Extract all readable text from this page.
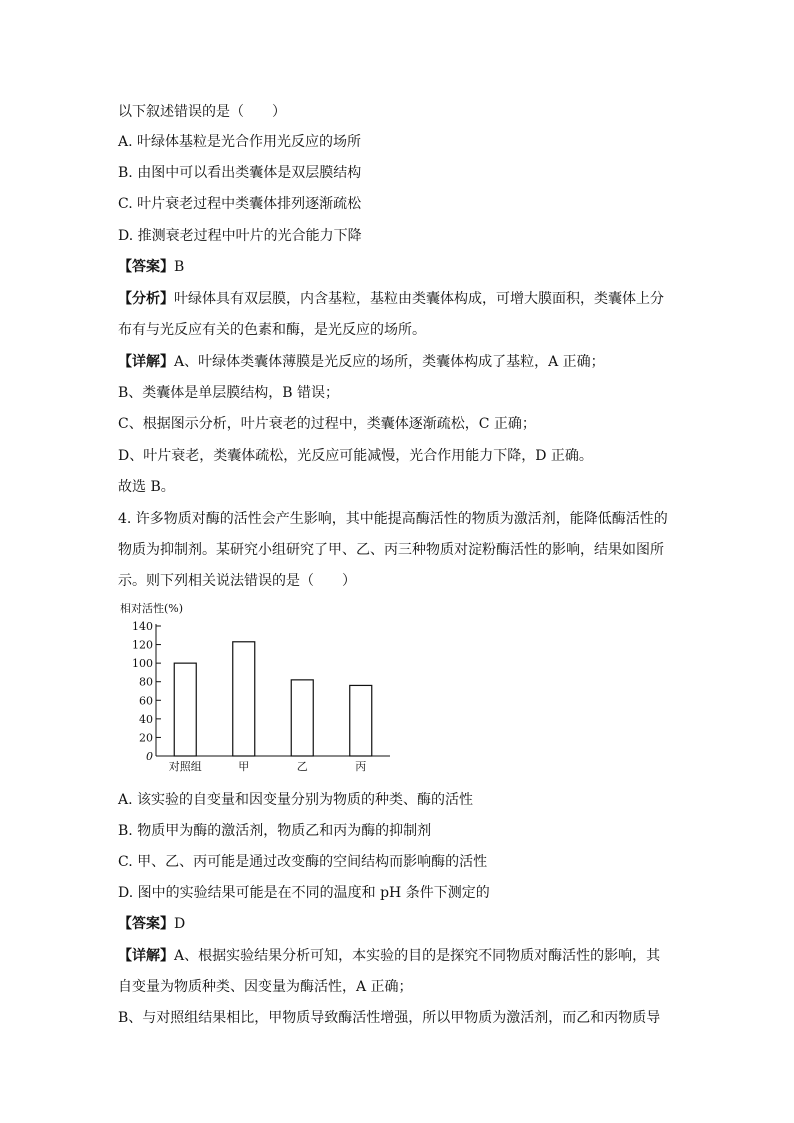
以下叙述错误的是（　　）
A. 叶绿体基粒是光合作用光反应的场所
B. 由图中可以看出类囊体是双层膜结构
C. 叶片衰老过程中类囊体排列逐渐疏松
D. 推测衰老过程中叶片的光合能力下降
【答案】B
【分析】叶绿体具有双层膜，内含基粒，基粒由类囊体构成，可增大膜面积，类囊体上分
布有与光反应有关的色素和酶，是光反应的场所。
【详解】A、叶绿体类囊体薄膜是光反应的场所，类囊体构成了基粒，A 正确；
B、类囊体是单层膜结构，B 错误；
C、根据图示分析，叶片衰老的过程中，类囊体逐渐疏松，C 正确；
D、叶片衰老，类囊体疏松，光反应可能减慢，光合作用能力下降，D 正确。
故选 B。
4. 许多物质对酶的活性会产生影响，其中能提高酶活性的物质为激活剂，能降低酶活性的
物质为抑制剂。某研究小组研究了甲、乙、丙三种物质对淀粉酶活性的影响，结果如图所
示。则下列相关说法错误的是（　　）
相对活性(%)
0
20
40
60
80
100
120
140
对照组	甲	乙	丙
A. 该实验的自变量和因变量分别为物质的种类、酶的活性
B. 物质甲为酶的激活剂，物质乙和丙为酶的抑制剂
C. 甲、乙、丙可能是通过改变酶的空间结构而影响酶的活性
D. 图中的实验结果可能是在不同的温度和 pH 条件下测定的
【答案】D
【详解】A、根据实验结果分析可知，本实验的目的是探究不同物质对酶活性的影响，其
自变量为物质种类、因变量为酶活性，A 正确；
B、与对照组结果相比，甲物质导致酶活性增强，所以甲物质为激活剂，而乙和丙物质导
